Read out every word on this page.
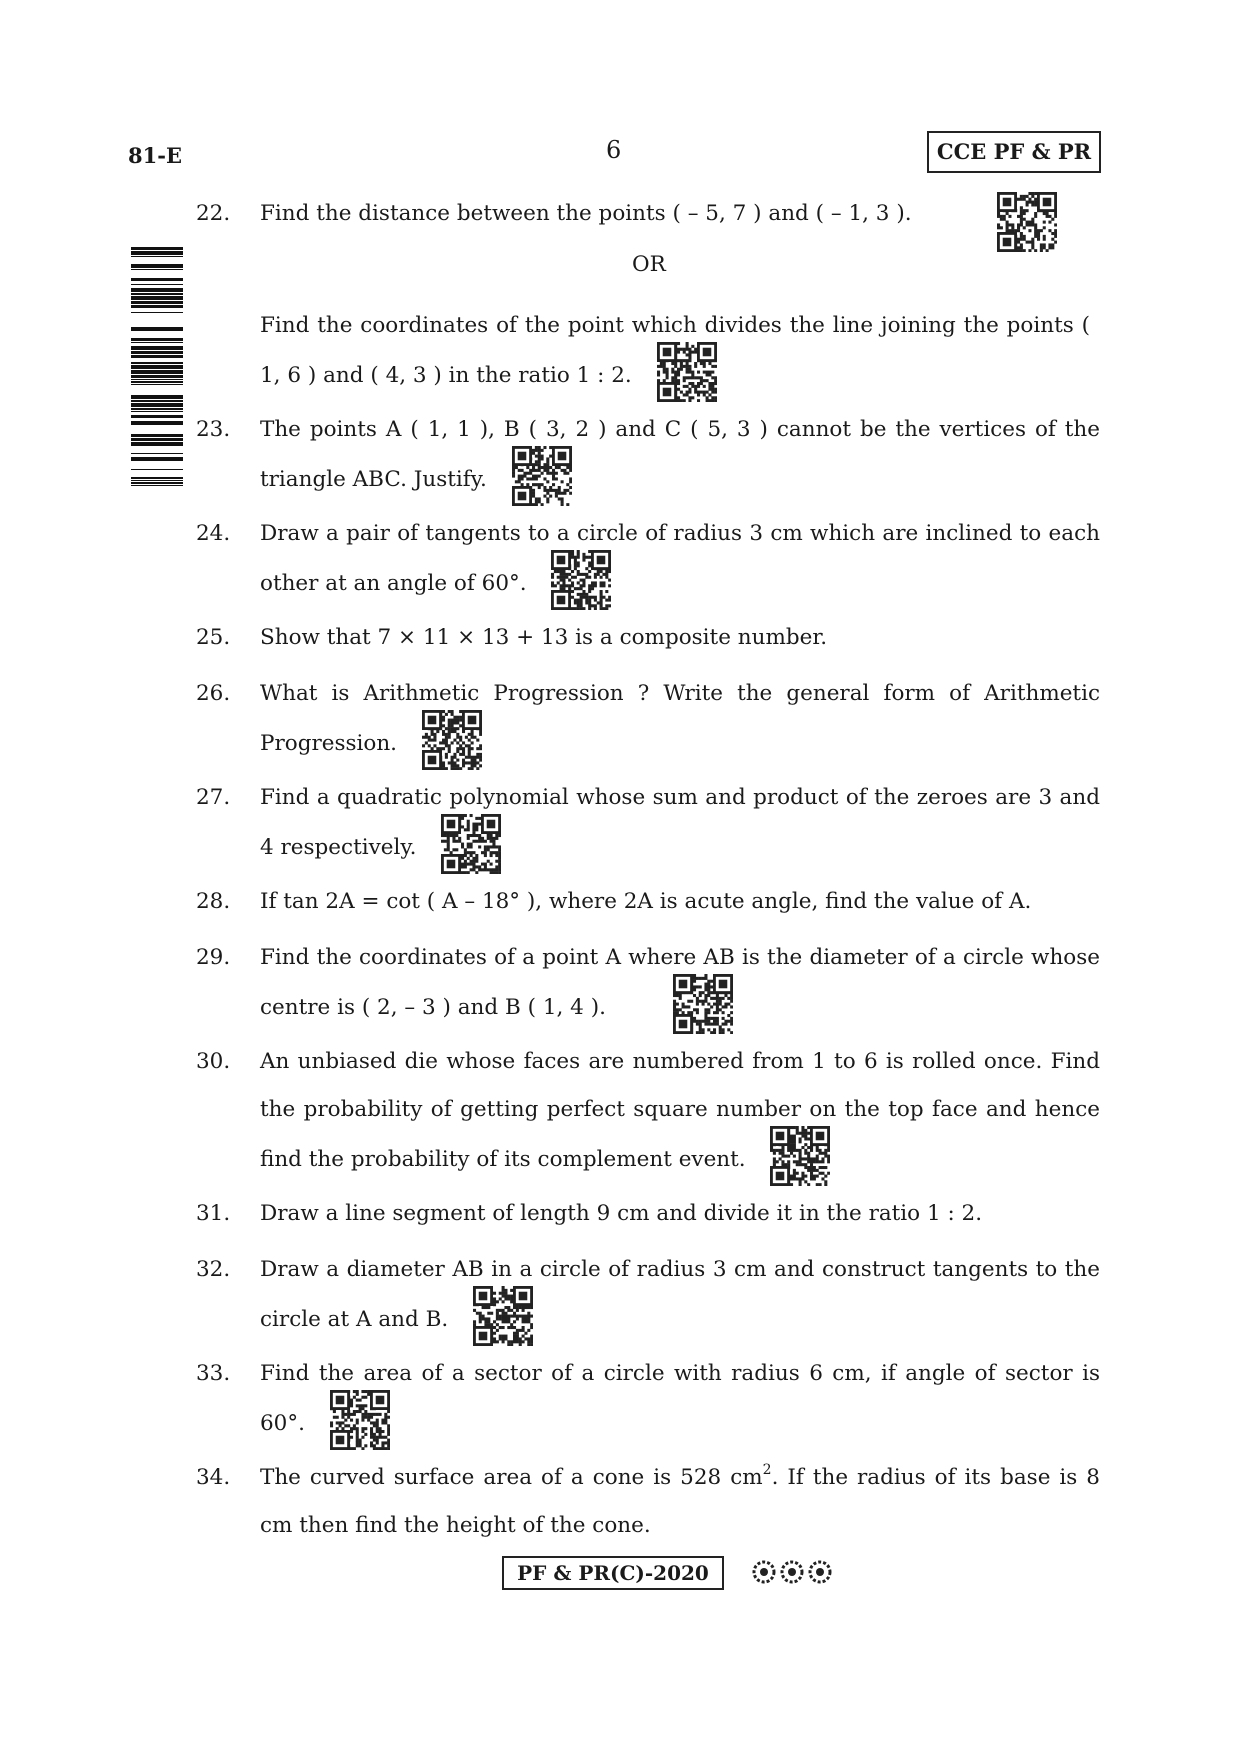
81-E	6	CCE PF & PR
22.	Find the distance between the points ( – 5, 7 ) and ( – 1, 3 ).
OR
Find the coordinates of the point which divides the line joining the points ( 1, 6 ) and ( 4, 3 ) in the ratio 1 : 2.
23.	The points A ( 1, 1 ), B ( 3, 2 ) and C ( 5, 3 ) cannot be the vertices of the triangle ABC. Justify.
24.	Draw a pair of tangents to a circle of radius 3 cm which are inclined to each other at an angle of 60°.
25.	Show that 7 × 11 × 13 + 13 is a composite number.
26.	What is Arithmetic Progression ? Write the general form of Arithmetic Progression.
27.	Find a quadratic polynomial whose sum and product of the zeroes are 3 and 4 respectively.
28.	If tan 2A = cot ( A – 18° ), where 2A is acute angle, find the value of A.
29.	Find the coordinates of a point A where AB is the diameter of a circle whose centre is ( 2, – 3 ) and B ( 1, 4 ).
30.	An unbiased die whose faces are numbered from 1 to 6 is rolled once. Find the probability of getting perfect square number on the top face and hence find the probability of its complement event.
31.	Draw a line segment of length 9 cm and divide it in the ratio 1 : 2.
32.	Draw a diameter AB in a circle of radius 3 cm and construct tangents to the circle at A and B.
33.	Find the area of a sector of a circle with radius 6 cm, if angle of sector is 60°.
34.	The curved surface area of a cone is 528 $cm^2$. If the radius of its base is 8 cm then find the height of the cone.
PF & PR(C)-2020
